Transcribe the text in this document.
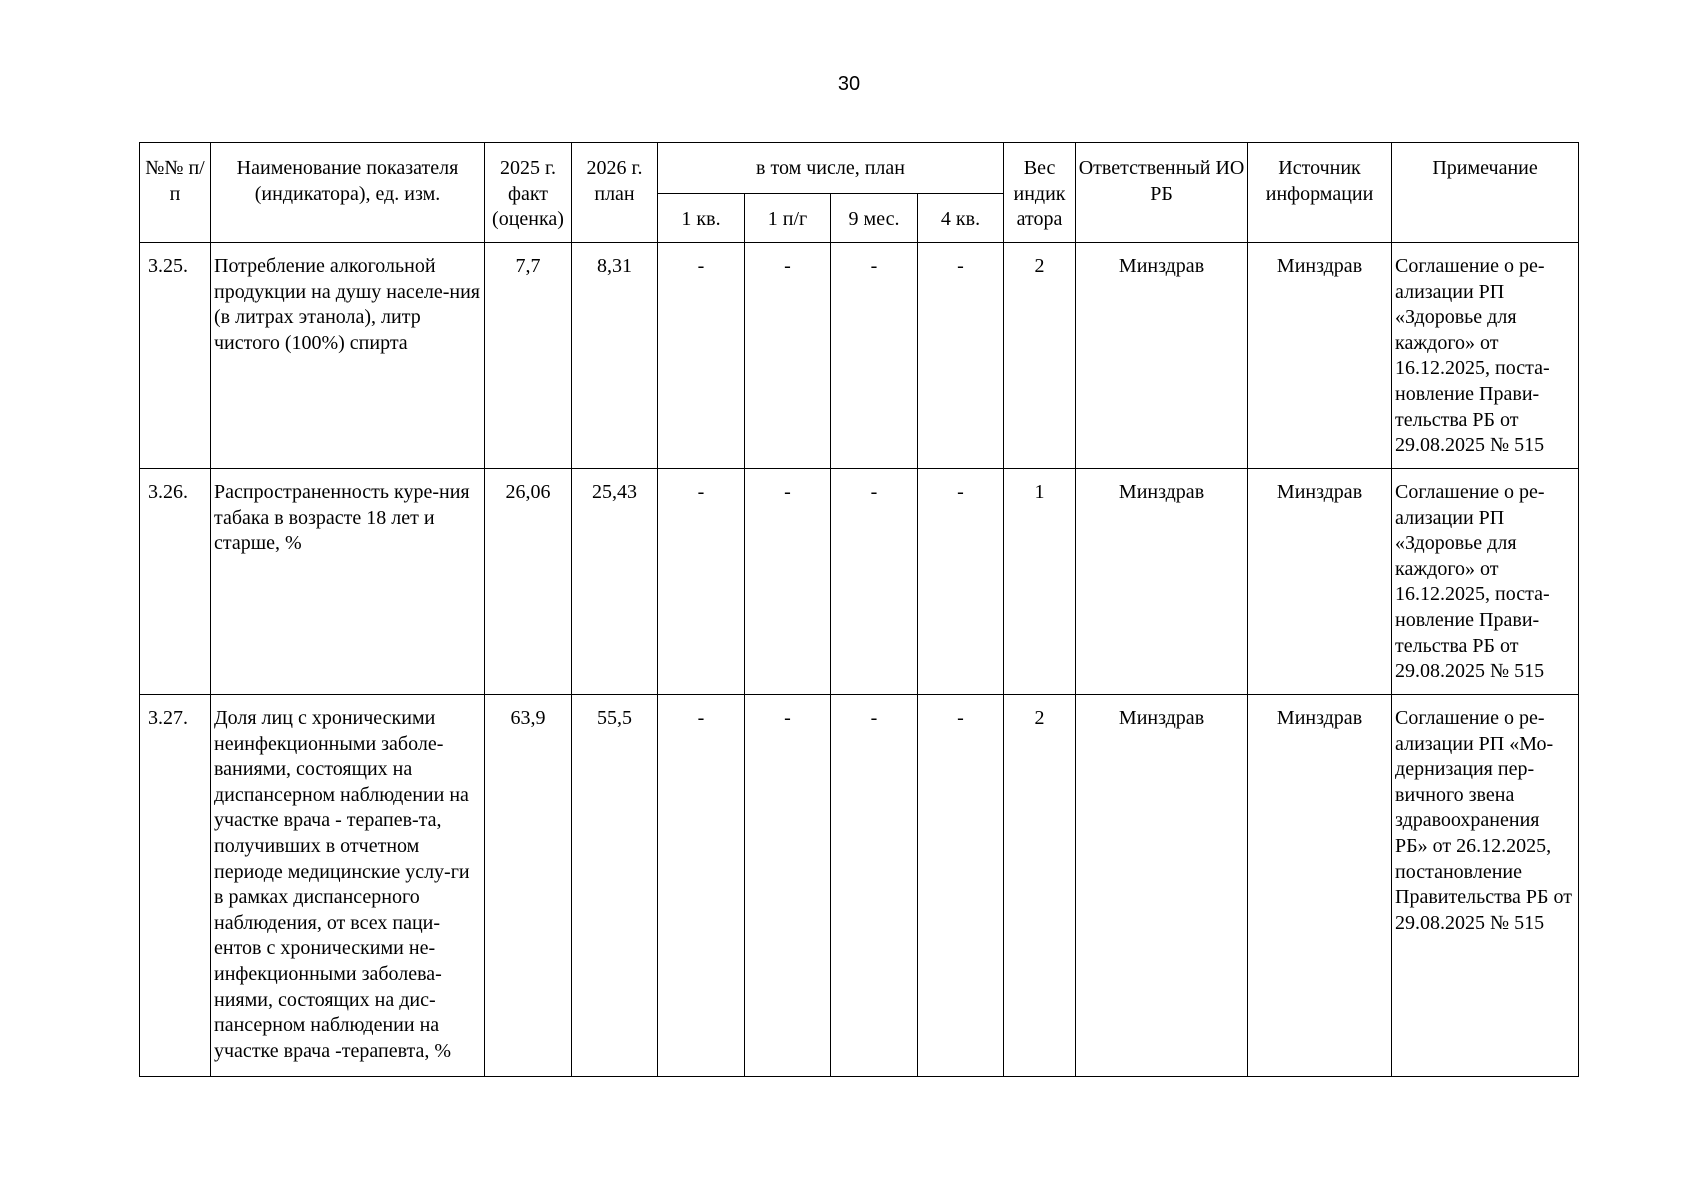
30
№№ п/п	Наименование показателя (индикатора), ед. изм.	2025 г. факт (оценка)	2026 г. план	в том числе, план				Вес индик атора	Ответственный ИО РБ	Источник информации	Примечание
				1 кв.	1 п/г	9 мес.	4 кв.				
3.25.	Потребление алкогольной продукции на душу населе-ния (в литрах этанола), литр чистого (100%) спирта	7,7	8,31	-	-	-	-	2	Минздрав	Минздрав	Соглашение о ре-ализации РП «Здоровье для каждого» от 16.12.2025, поста-новление Прави-тельства РБ от 29.08.2025 № 515
3.26.	Распространенность куре-ния табака в возрасте 18 лет и старше, %	26,06	25,43	-	-	-	-	1	Минздрав	Минздрав	Соглашение о ре-ализации РП «Здоровье для каждого» от 16.12.2025, поста-новление Прави-тельства РБ от 29.08.2025 № 515
3.27.	Доля лиц с хроническими неинфекционными заболе-ваниями, состоящих на диспансерном наблюдении на участке врача - терапев-та, получивших в отчетном периоде медицинские услу-ги в рамках диспансерного наблюдения, от всех паци-ентов с хроническими не-инфекционными заболева-ниями, состоящих на дис-пансерном наблюдении на участке врача -терапевта, %	63,9	55,5	-	-	-	-	2	Минздрав	Минздрав	Соглашение о ре-ализации РП «Мо-дернизация пер-вичного звена здравоохранения РБ» от 26.12.2025, постановление Правительства РБ от 29.08.2025 № 515
